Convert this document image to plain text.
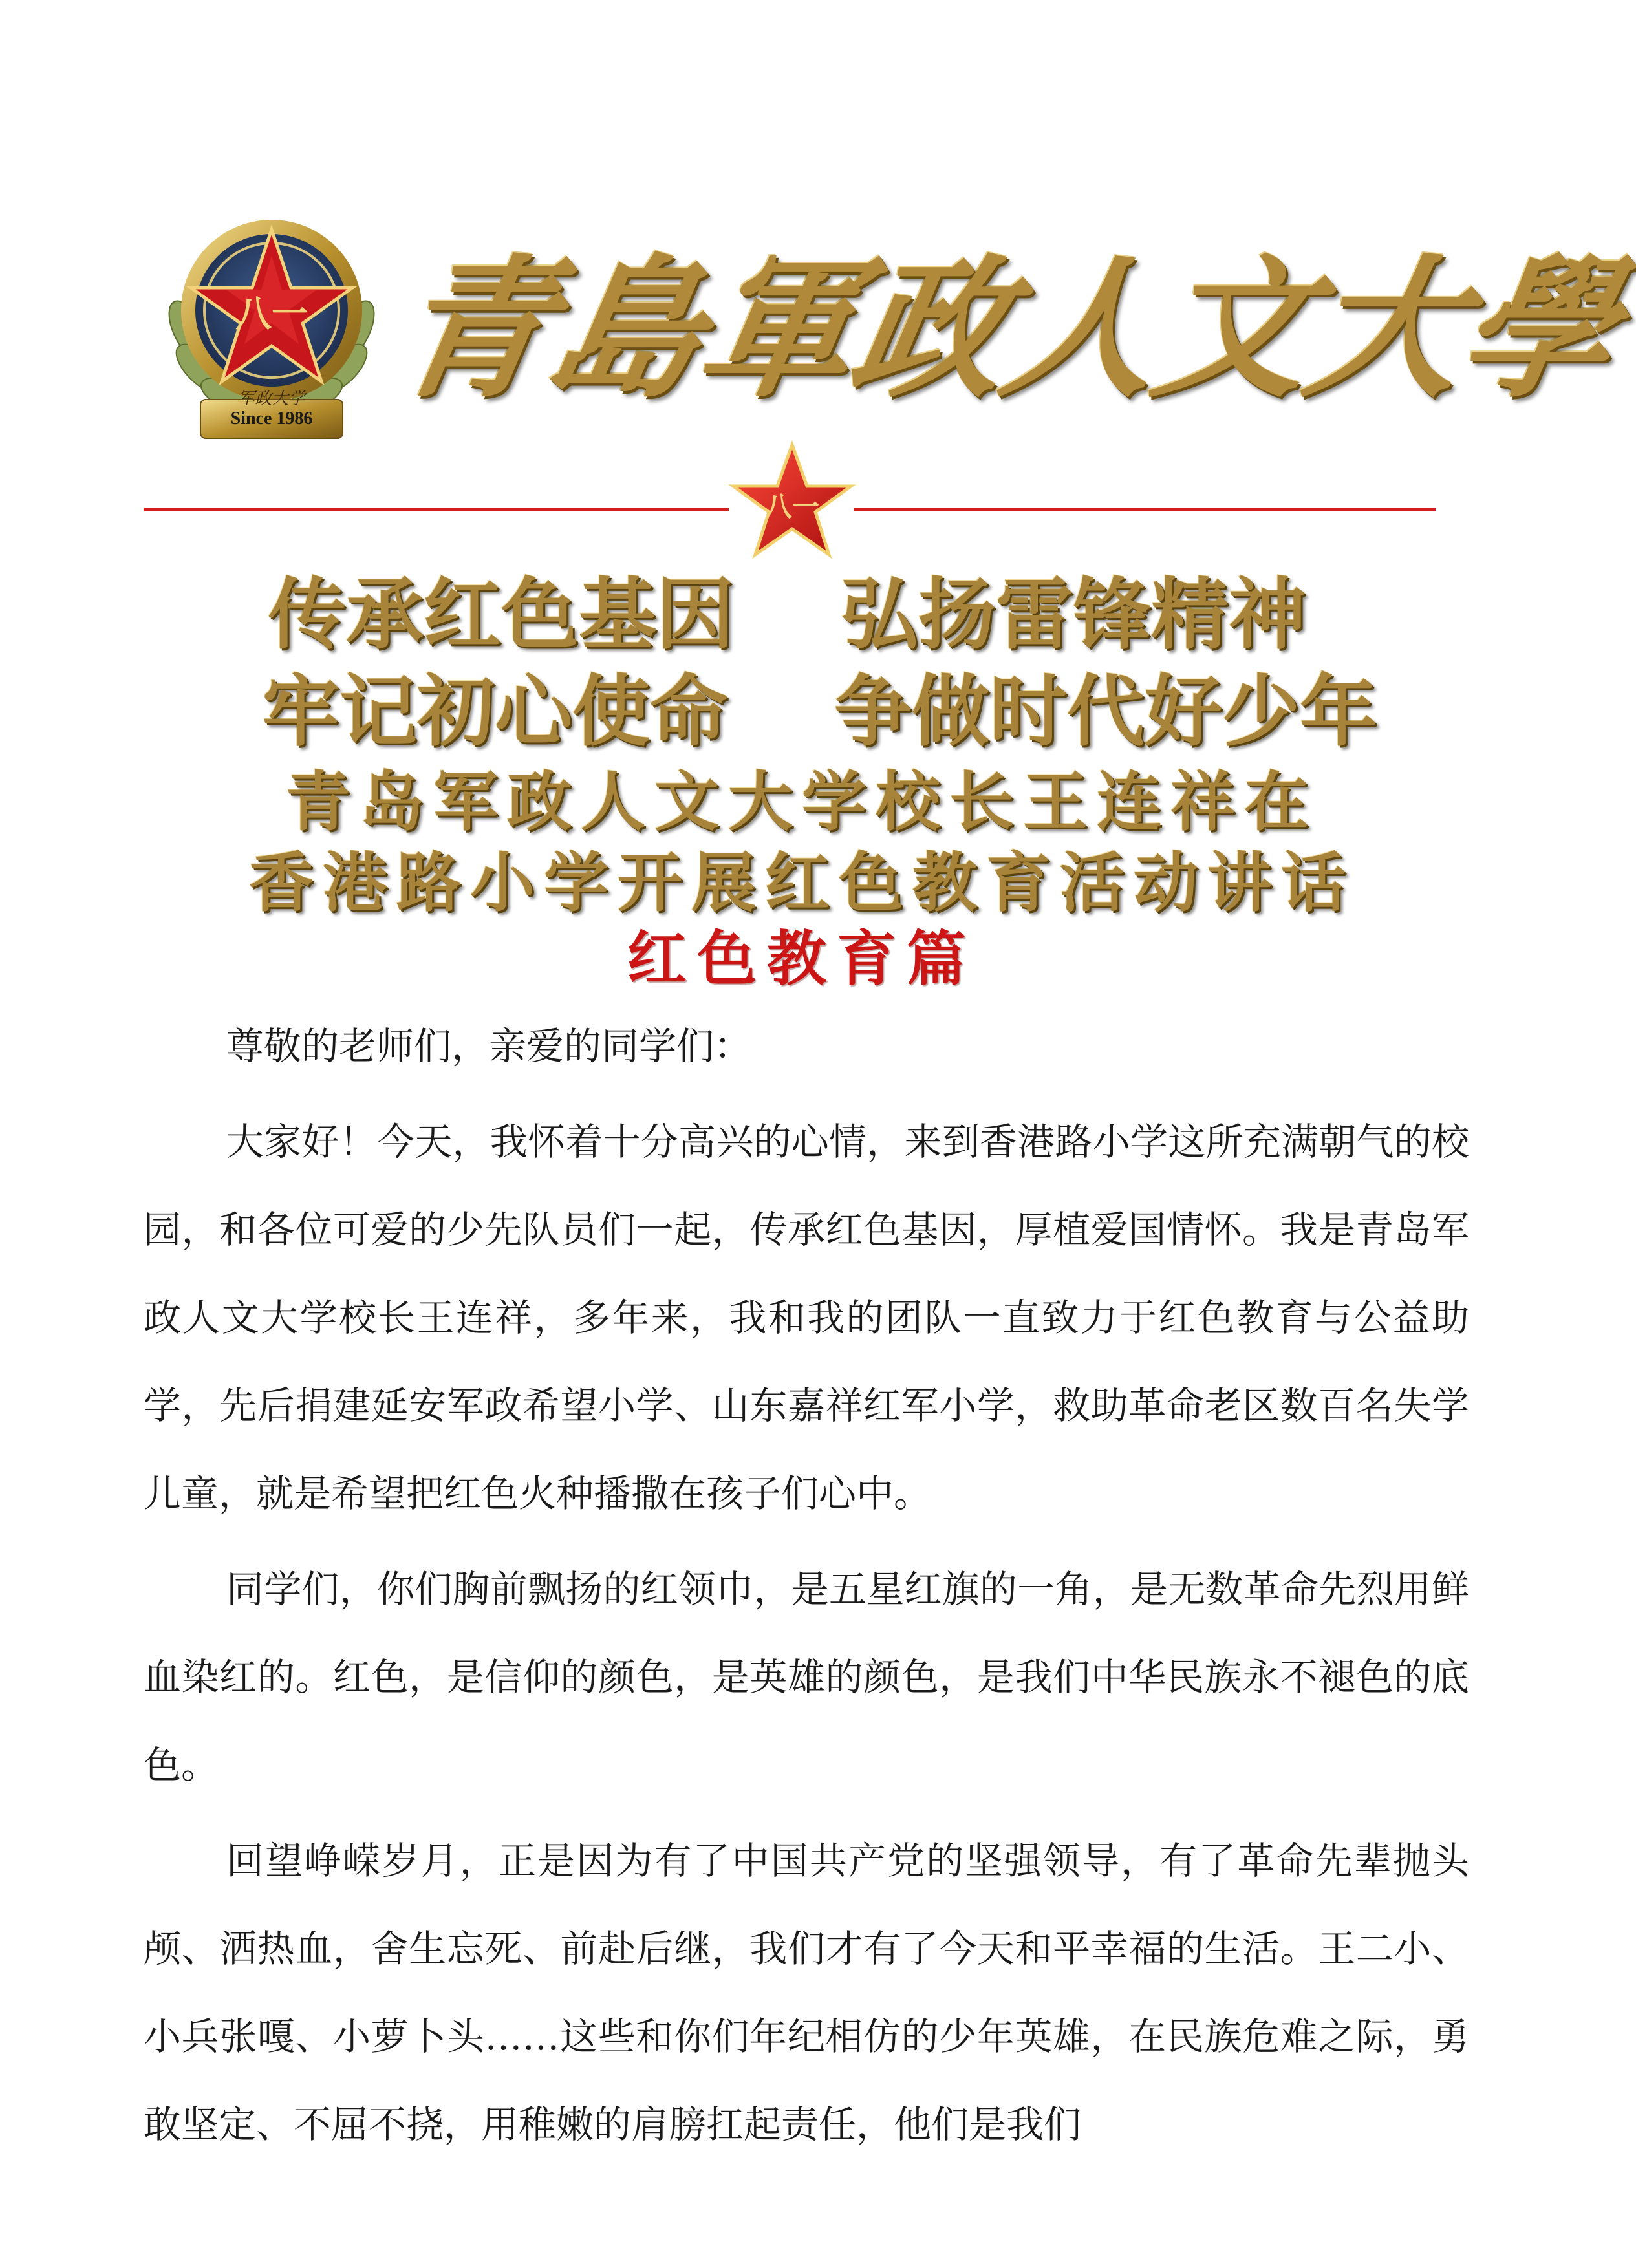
八一
军政大学
Since 1986
青
島
軍
政
人
文
大
學
八一
传承红色基因 弘扬雷锋精神
牢记初心使命 争做时代好少年
青岛军政人文大学校长王连祥在
香港路小学开展红色教育活动讲话
红色教育篇

尊敬的老师们，亲爱的同学们：

大家好！今天，我怀着十分高兴的心情，来到香港路小学这所充满朝气的校园，和各位可爱的少先队员们一起，传承红色基因，厚植爱国情怀。我是青岛军政人文大学校长王连祥，多年来，我和我的团队一直致力于红色教育与公益助学，先后捐建延安军政希望小学、山东嘉祥红军小学，救助革命老区数百名失学儿童，就是希望把红色火种播撒在孩子们心中。

同学们，你们胸前飘扬的红领巾，是五星红旗的一角，是无数革命先烈用鲜血染红的。红色，是信仰的颜色，是英雄的颜色，是我们中华民族永不褪色的底色。

回望峥嵘岁月，正是因为有了中国共产党的坚强领导，有了革命先辈抛头颅、洒热血，舍生忘死、前赴后继，我们才有了今天和平幸福的生活。王二小、小兵张嘎、小萝卜头……这些和你们年纪相仿的少年英雄，在民族危难之际，勇敢坚定、不屈不挠，用稚嫩的肩膀扛起责任，他们是我们
